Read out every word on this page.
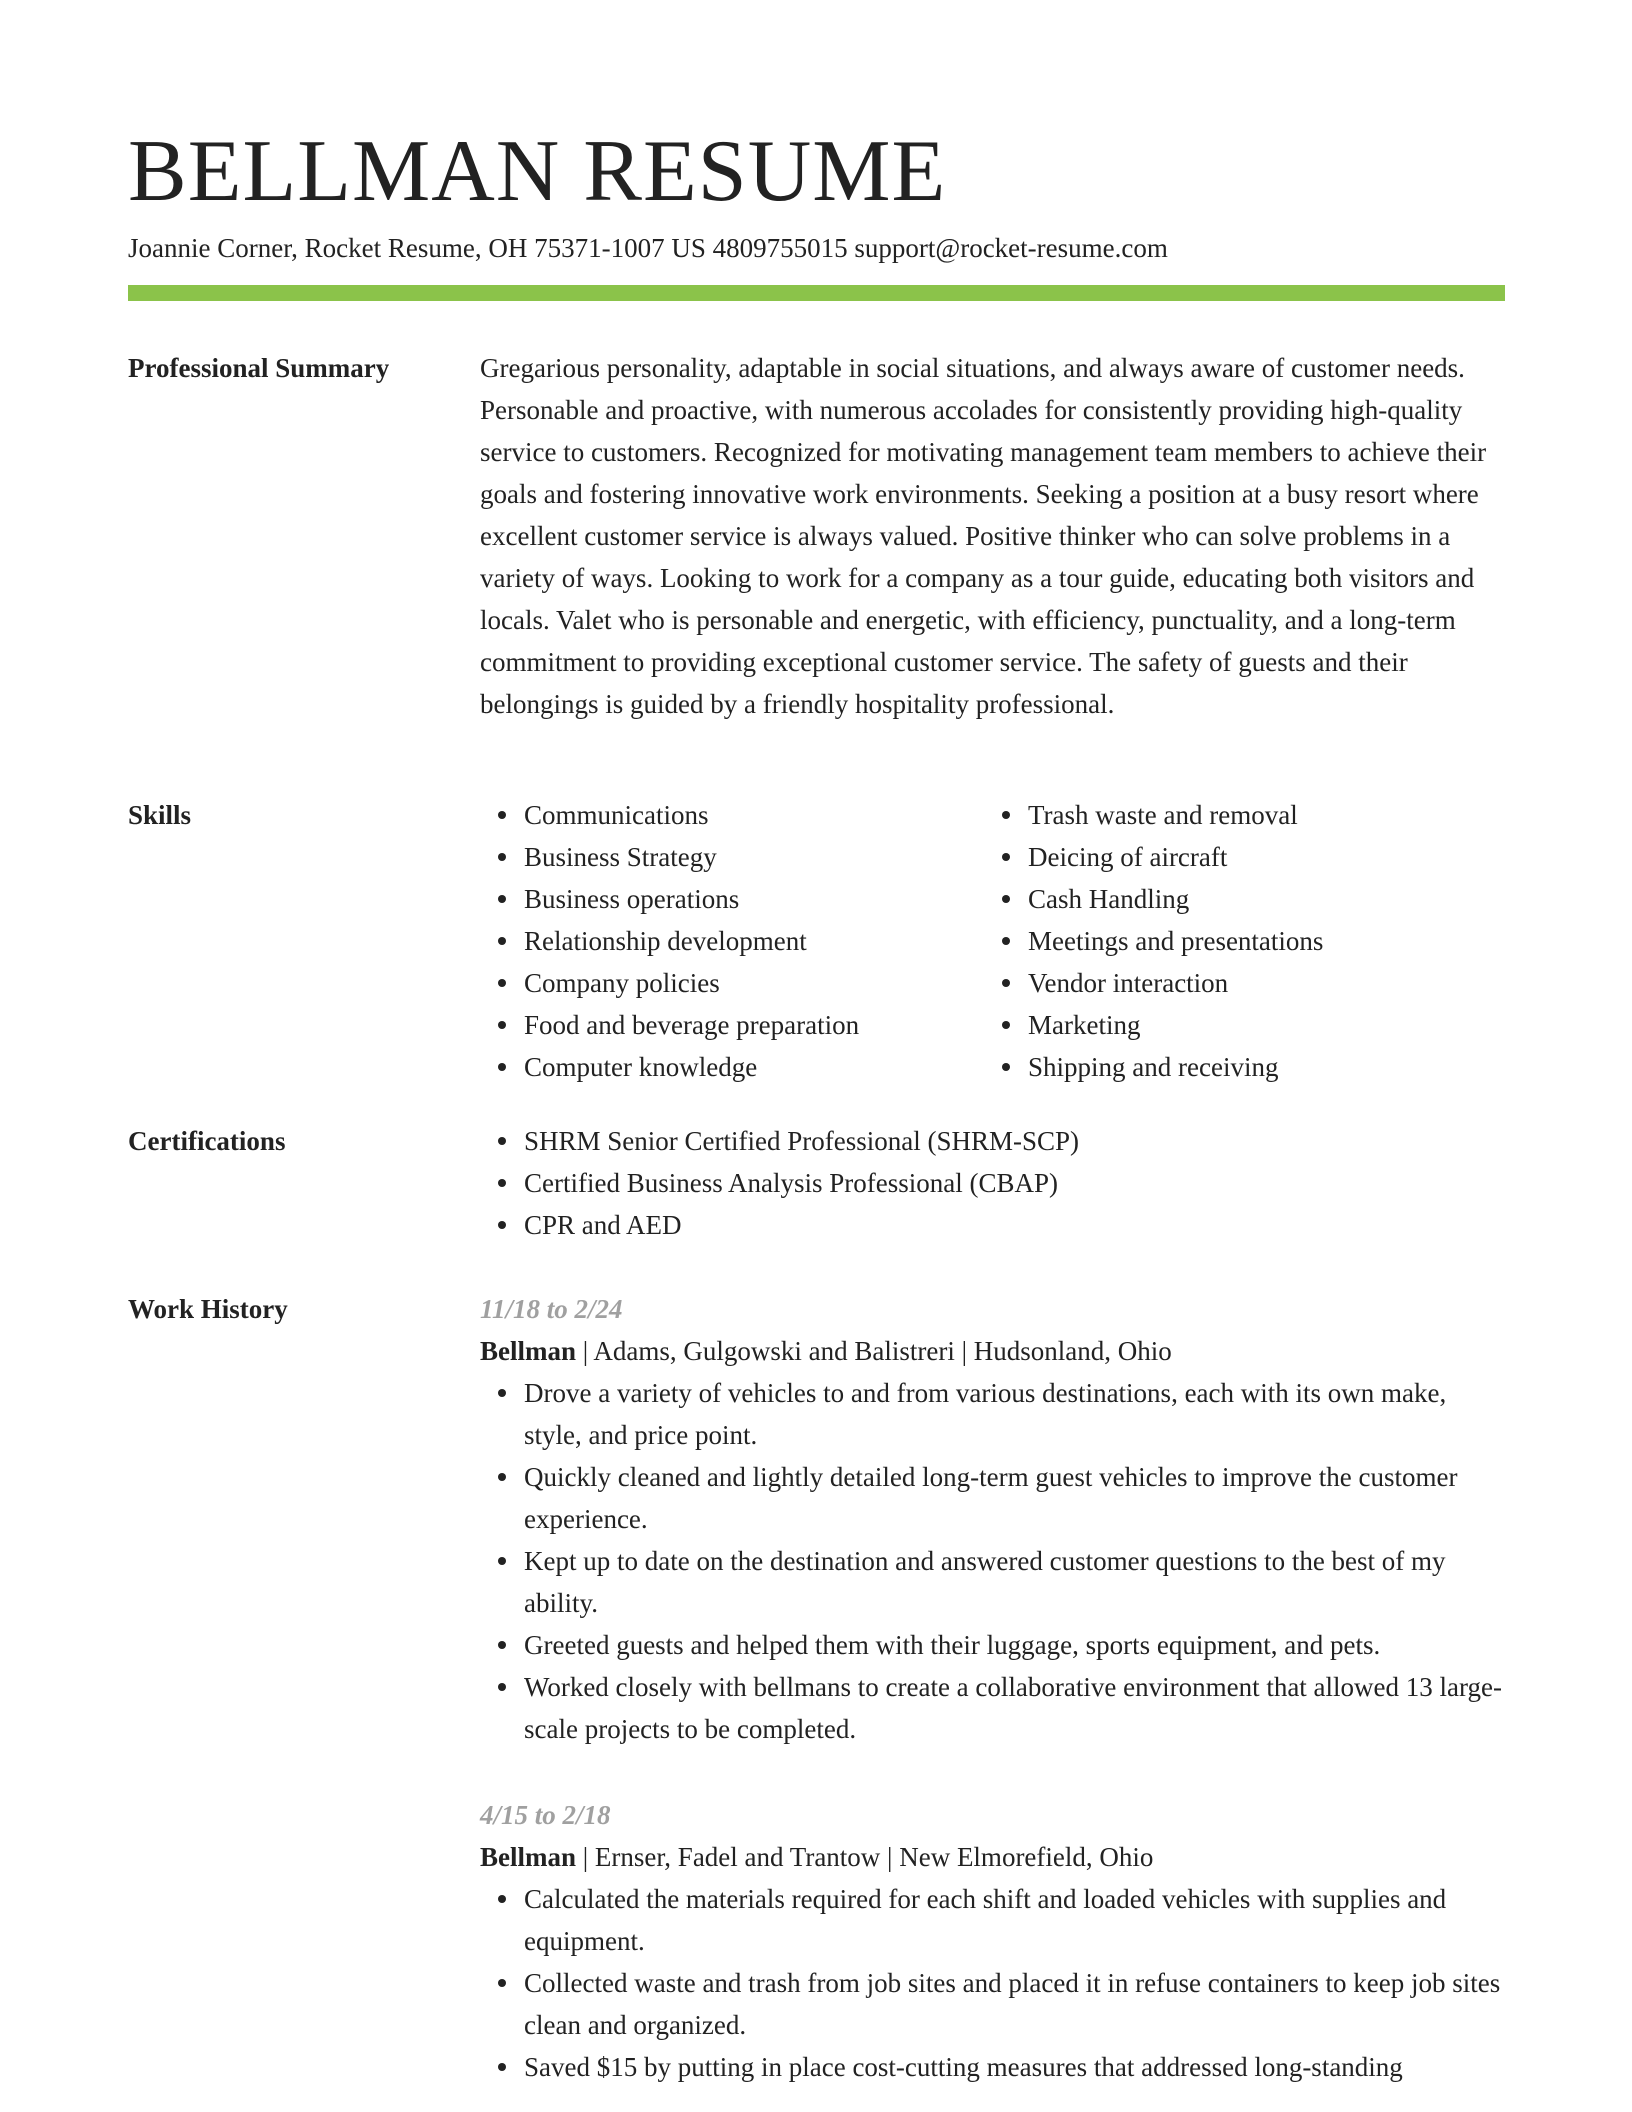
BELLMAN RESUME
Joannie Corner, Rocket Resume, OH 75371-1007 US 4809755015 support@rocket-resume.com
Professional Summary	Gregarious personality, adaptable in social situations, and always aware of customer needs. Personable and proactive, with numerous accolades for consistently providing high-quality service to customers. Recognized for motivating management team members to achieve their goals and fostering innovative work environments. Seeking a position at a busy resort where excellent customer service is always valued. Positive thinker who can solve problems in a variety of ways. Looking to work for a company as a tour guide, educating both visitors and locals. Valet who is personable and energetic, with efficiency, punctuality, and a long-term commitment to providing exceptional customer service. The safety of guests and their belongings is guided by a friendly hospitality professional.

Skills	Communications
Business Strategy
Business operations
Relationship development
Company policies
Food and beverage preparation
Computer knowledge
Trash waste and removal
Deicing of aircraft
Cash Handling
Meetings and presentations
Vendor interaction
Marketing
Shipping and receiving
Certifications	SHRM Senior Certified Professional (SHRM-SCP)
Certified Business Analysis Professional (CBAP)
CPR and AED
Work History	11/18 to 2/24
Bellman | Adams, Gulgowski and Balistreri | Hudsonland, Ohio
Drove a variety of vehicles to and from various destinations, each with its own make, style, and price point.
Quickly cleaned and lightly detailed long-term guest vehicles to improve the customer experience.
Kept up to date on the destination and answered customer questions to the best of my ability.
Greeted guests and helped them with their luggage, sports equipment, and pets.
Worked closely with bellmans to create a collaborative environment that allowed 13 large-scale projects to be completed.
4/15 to 2/18
Bellman | Ernser, Fadel and Trantow | New Elmorefield, Ohio
Calculated the materials required for each shift and loaded vehicles with supplies and equipment.
Collected waste and trash from job sites and placed it in refuse containers to keep job sites clean and organized.
Saved $15 by putting in place cost-cutting measures that addressed long-standing
